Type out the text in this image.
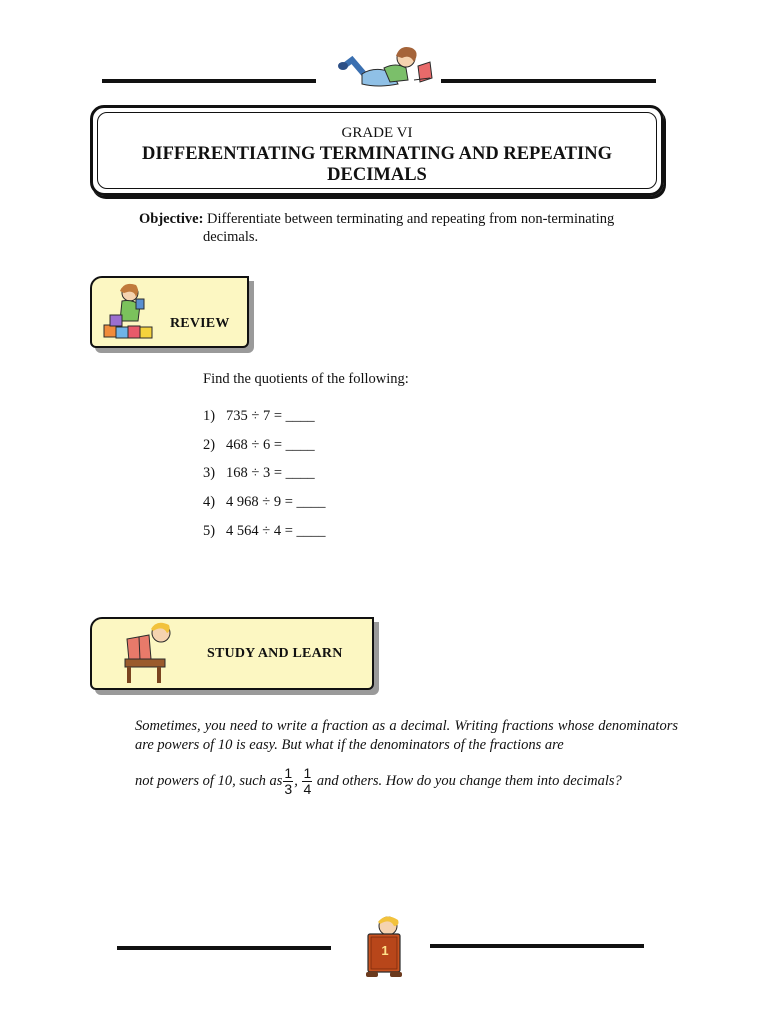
GRADE VI
DIFFERENTIATING TERMINATING AND REPEATING
DECIMALS
Objective: Differentiate between terminating and repeating from non-terminating
decimals.
REVIEW
Find the quotients of the following:
1) 735 ÷ 7 = ____
2) 468 ÷ 6 = ____
3) 168 ÷ 3 = ____
4) 4 968 ÷ 9 = ____
5) 4 564 ÷ 4 = ____
STUDY AND LEARN
Sometimes, you need to write a fraction as a decimal. Writing fractions whose denominators are powers of 10 is easy. But what if the denominators of the fractions are
not powers of 10, such as $\frac{1}{3}$ , $\frac{1}{4}$ and others. How do you change them into decimals?
1
